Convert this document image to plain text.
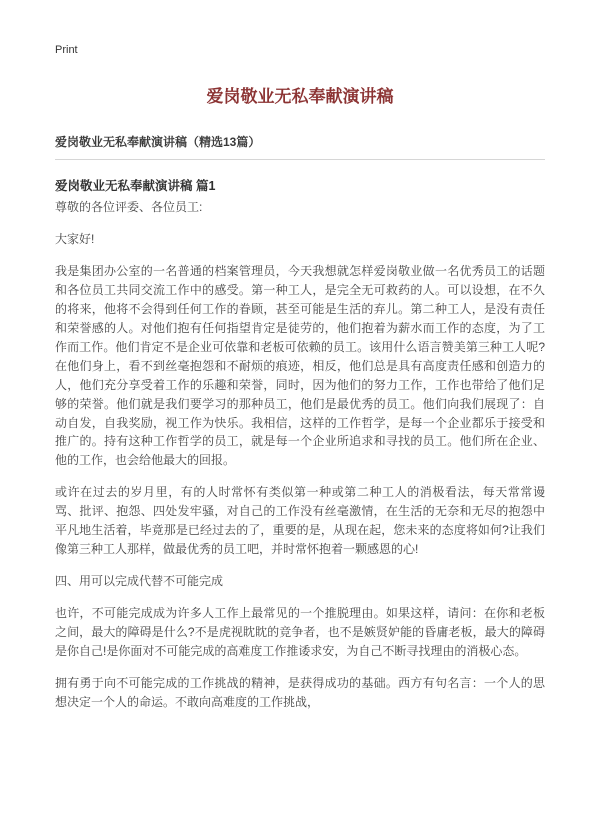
Print
爱岗敬业无私奉献演讲稿
爱岗敬业无私奉献演讲稿（精选13篇）
爱岗敬业无私奉献演讲稿 篇1

尊敬的各位评委、各位员工:

大家好!

我是集团办公室的一名普通的档案管理员，今天我想就怎样爱岗敬业做一名优秀员工的话题和各位员工共同交流工作中的感受。第一种工人，是完全无可救药的人。可以设想，在不久的将来，他将不会得到任何工作的眷顾，甚至可能是生活的弃儿。第二种工人，是没有责任和荣誉感的人。对他们抱有任何指望肯定是徒劳的，他们抱着为薪水而工作的态度，为了工作而工作。他们肯定不是企业可依靠和老板可依赖的员工。该用什么语言赞美第三种工人呢?在他们身上，看不到丝毫抱怨和不耐烦的痕迹，相反，他们总是具有高度责任感和创造力的人，他们充分享受着工作的乐趣和荣誉，同时，因为他们的努力工作，工作也带给了他们足够的荣誉。他们就是我们要学习的那种员工，他们是最优秀的员工。他们向我们展现了：自动自发，自我奖励，视工作为快乐。我相信，这样的工作哲学，是每一个企业都乐于接受和推广的。持有这种工作哲学的员工，就是每一个企业所追求和寻找的员工。他们所在企业、他的工作，也会给他最大的回报。

或许在过去的岁月里，有的人时常怀有类似第一种或第二种工人的消极看法，每天常常谩骂、批评、抱怨、四处发牢骚，对自己的工作没有丝毫激情，在生活的无奈和无尽的抱怨中平凡地生活着，毕竟那是已经过去的了，重要的是，从现在起，您未来的态度将如何?让我们像第三种工人那样，做最优秀的员工吧，并时常怀抱着一颗感恩的心!

四、用可以完成代替不可能完成

也许，不可能完成成为许多人工作上最常见的一个推脱理由。如果这样，请问：在你和老板之间，最大的障碍是什么?不是虎视眈眈的竞争者，也不是嫉贤妒能的昏庸老板，最大的障碍是你自己!是你面对不可能完成的高难度工作推诿求安，为自己不断寻找理由的消极心态。

拥有勇于向不可能完成的工作挑战的精神，是获得成功的基础。西方有句名言：一个人的思想决定一个人的命运。不敢向高难度的工作挑战，
